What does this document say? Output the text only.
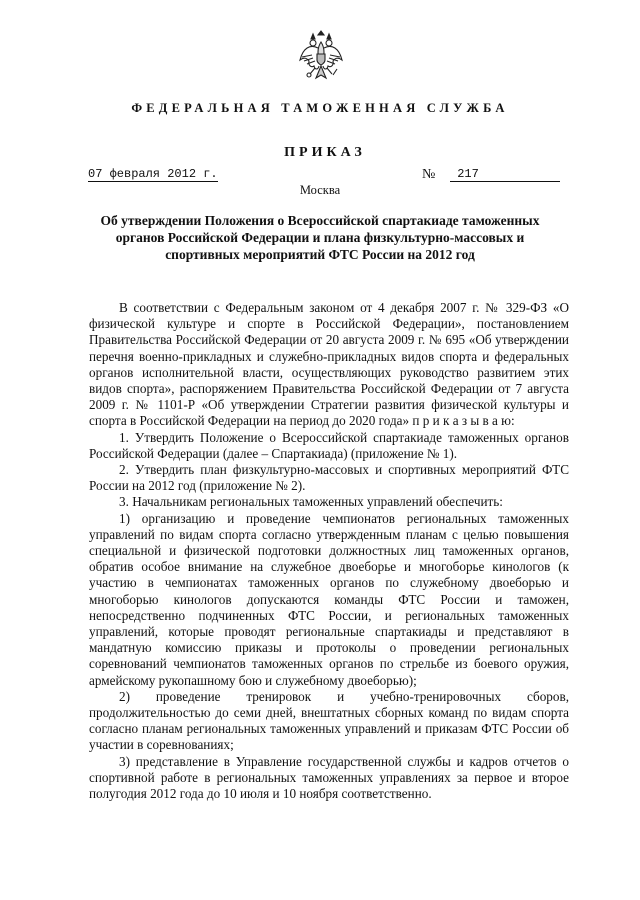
ФЕДЕРАЛЬНАЯ ТАМОЖЕННАЯ СЛУЖБА
ПРИКАЗ
07 февраля 2012 г.	№	217
Москва
Об утверждении Положения о Всероссийской спартакиаде таможенных органов Российской Федерации и плана физкультурно-массовых и спортивных мероприятий ФТС России на 2012 год

В соответствии с Федеральным законом от 4 декабря 2007 г. № 329-ФЗ «О физической культуре и спорте в Российской Федерации», постановлением Правительства Российской Федерации от 20 августа 2009 г. № 695 «Об утверждении перечня военно-прикладных и служебно-прикладных видов спорта и федеральных органов исполнительной власти, осуществляющих руководство развитием этих видов спорта», распоряжением Правительства Российской Федерации от 7 августа 2009 г. № 1101-Р «Об утверждении Стратегии развития физической культуры и спорта в Российской Федерации на период до 2020 года» п р и к а з ы в а ю:

1. Утвердить Положение о Всероссийской спартакиаде таможенных органов Российской Федерации (далее – Спартакиада) (приложение № 1).

2. Утвердить план физкультурно-массовых и спортивных мероприятий ФТС России на 2012 год (приложение № 2).

3. Начальникам региональных таможенных управлений обеспечить:

1) организацию и проведение чемпионатов региональных таможенных управлений по видам спорта согласно утвержденным планам с целью повышения специальной и физической подготовки должностных лиц таможенных органов, обратив особое внимание на служебное двоеборье и многоборье кинологов (к участию в чемпионатах таможенных органов по служебному двоеборью и многоборью кинологов допускаются команды ФТС России и таможен, непосредственно подчиненных ФТС России, и региональных таможенных управлений, которые проводят региональные спартакиады и представляют в мандатную комиссию приказы и протоколы о проведении региональных соревнований чемпионатов таможенных органов по стрельбе из боевого оружия, армейскому рукопашному бою и служебному двоеборью);

2) проведение тренировок и учебно-тренировочных сборов, продолжительностью до семи дней, внештатных сборных команд по видам спорта согласно планам региональных таможенных управлений и приказам ФТС России об участии в соревнованиях;

3) представление в Управление государственной службы и кадров отчетов о спортивной работе в региональных таможенных управлениях за первое и второе полугодия 2012 года до 10 июля и 10 ноября соответственно.
